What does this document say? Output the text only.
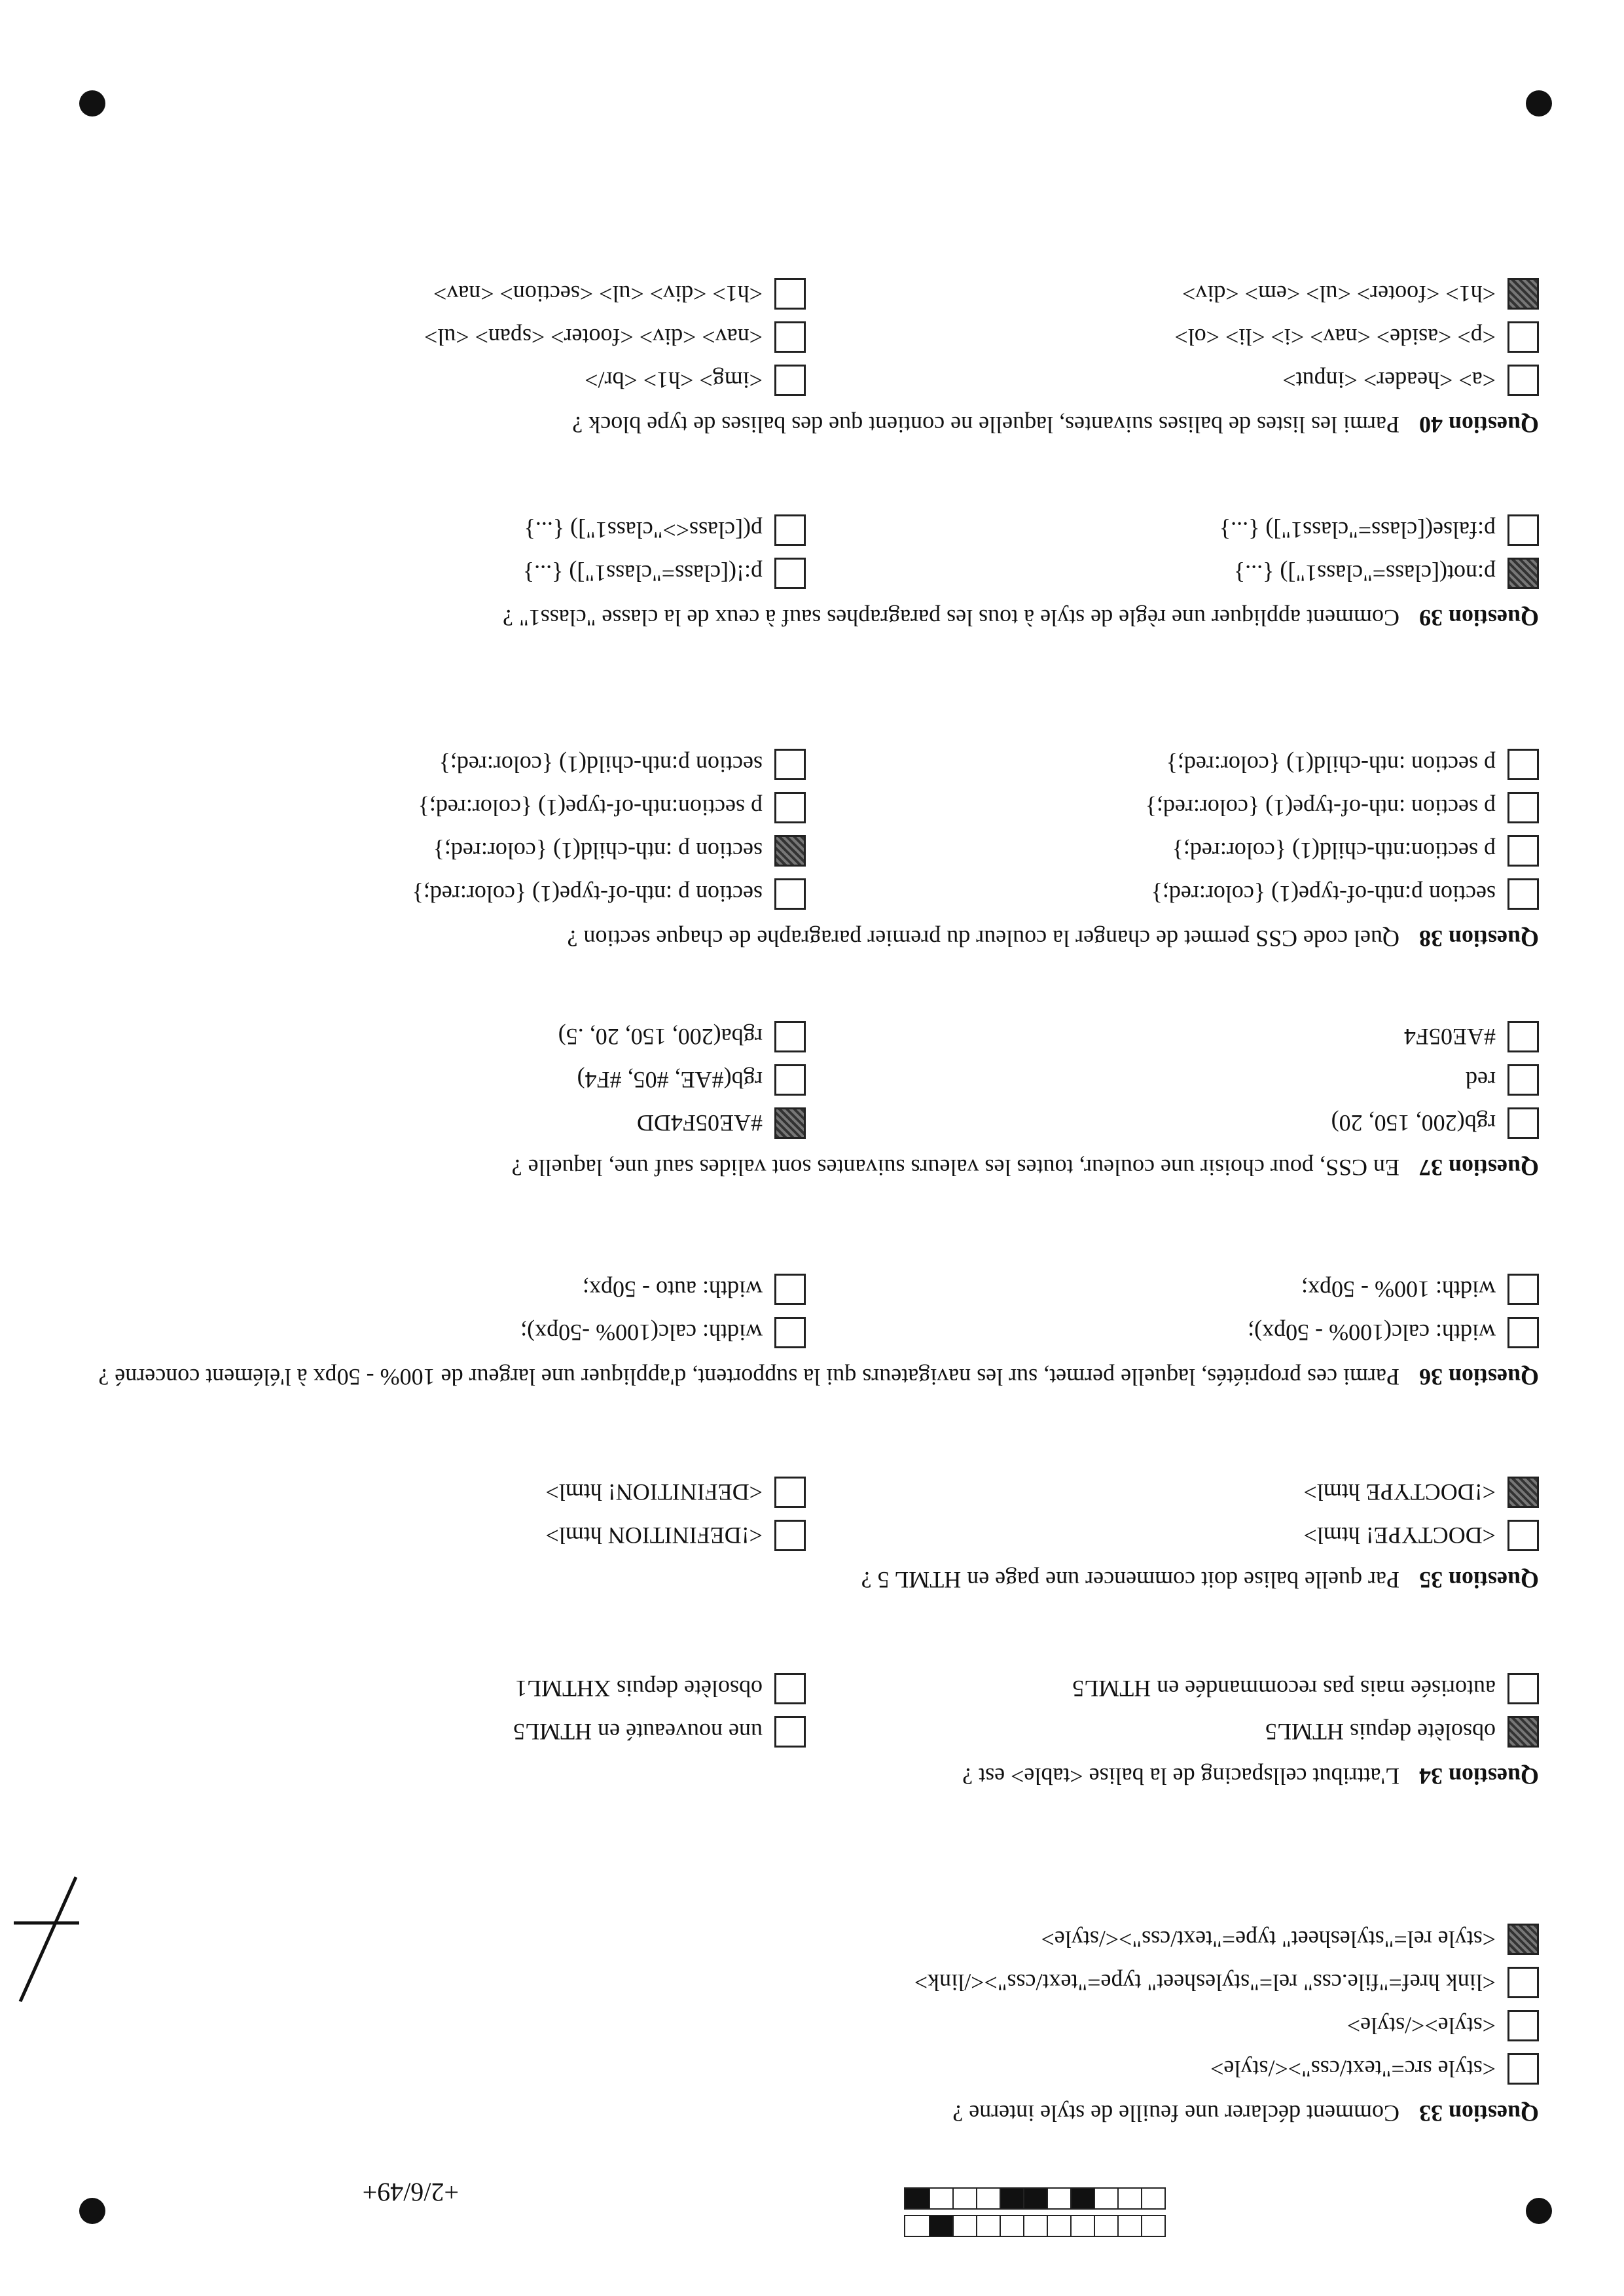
+2/6/49+
Question 33Comment déclarer une feuille de style interne ?
<style src="text/css"></style>
<style></style>
<link href="file.css" rel="stylesheet" type="text/css"></link>
<style rel="stylesheet" type="text/css"></style>
Question 34L'attribut cellspacing de la balise <table> est ?
obsolète depuis HTML5
une nouveauté en HTML5
autorisée mais pas recommandée en HTML5
obsolète depuis XHTML1
Question 35Par quelle balise doit commencer une page en HTML 5 ?
<DOCTYPE! html>
<!DEFINITION html>
<!DOCTYPE html>
<DEFINITION! html>
Question 36Parmi ces propriétés, laquelle permet, sur les navigateurs qui la supportent, d'appliquer une largeur de 100% - 50px à l'élément concerné ?
width: calc(100% - 50px);
width: calc(100% -50px);
width: 100% - 50px;
width: auto - 50px;
Question 37En CSS, pour choisir une couleur, toutes les valeurs suivantes sont valides sauf une, laquelle ?
rgb(200, 150, 20)
#AE05F4DD
red
rgb(#AE, #05, #F4)
#AE05F4
rgba(200, 150, 20, .5)
Question 38Quel code CSS permet de changer la couleur du premier paragraphe de chaque section ?
section p:nth-of-type(1) {color:red;}
section p :nth-of-type(1) {color:red;}
p section:nth-child(1) {color:red;}
section p :nth-child(1) {color:red;}
p section :nth-of-type(1) {color:red;}
p section:nth-of-type(1) {color:red;}
p section :nth-child(1) {color:red;}
section p:nth-child(1) {color:red;}
Question 39Comment appliquer une règle de style à tous les paragraphes sauf à ceux de la classe "class1" ?
p:not([class="class1"]) {...}
p:!([class="class1"]) {...}
p:false([class="class1"]) {...}
p([class<>"class1"]) {...}
Question 40Parmi les listes de balises suivantes, laquelle ne contient que des balises de type block ?
<a> <header> <input>
<img> <h1> <br/>
<p> <aside> <nav> <i> <li> <ol>
<nav> <div> <footer> <span> <ul>
<h1> <footer> <ul> <em> <div>
<h1> <div> <ul> <section> <nav>
